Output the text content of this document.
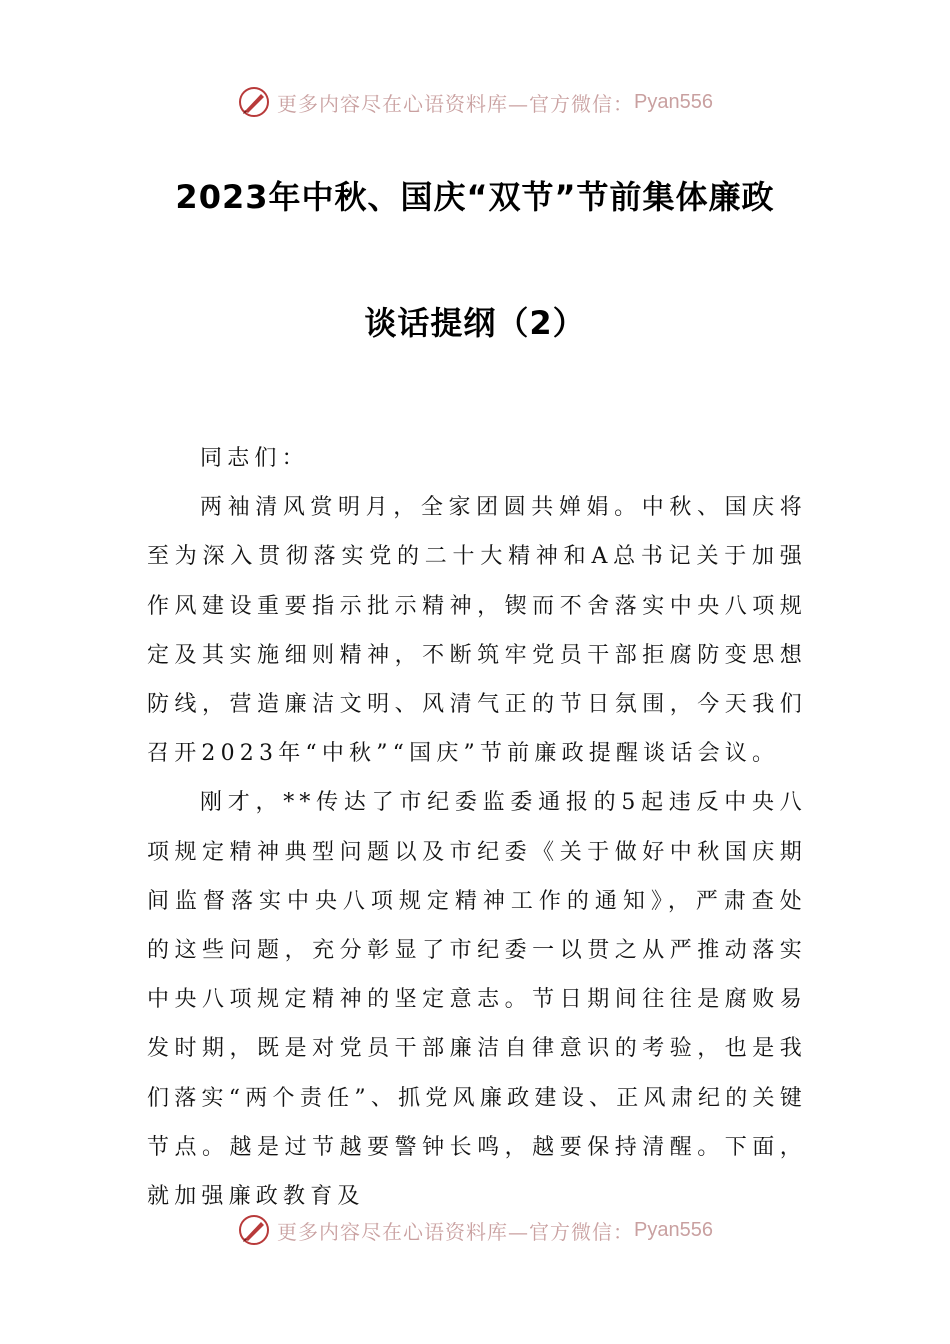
更多内容尽在心语资料库—官方微信： Pyan556
2023年中秋、国庆“双节”节前集体廉政
谈话提纲（2）

同志们：

两袖清风赏明月，全家团圆共婵娟。中秋、国庆将至为深入贯彻落实党的二十大精神和A总书记关于加强作风建设重要指示批示精神，锲而不舍落实中央八项规定及其实施细则精神，不断筑牢党员干部拒腐防变思想防线，营造廉洁文明、风清气正的节日氛围，今天我们召开2023年“中秋”“国庆”节前廉政提醒谈话会议。

刚才，**传达了市纪委监委通报的5起违反中央八项规定精神典型问题以及市纪委《关于做好中秋国庆期间监督落实中央八项规定精神工作的通知》，严肃查处的这些问题，充分彰显了市纪委一以贯之从严推动落实中央八项规定精神的坚定意志。节日期间往往是腐败易发时期，既是对党员干部廉洁自律意识的考验，也是我们落实“两个责任”、抓党风廉政建设、正风肃纪的关键节点。越是过节越要警钟长鸣，越要保持清醒。下面，就加强廉政教育及

更多内容尽在心语资料库—官方微信： Pyan556
